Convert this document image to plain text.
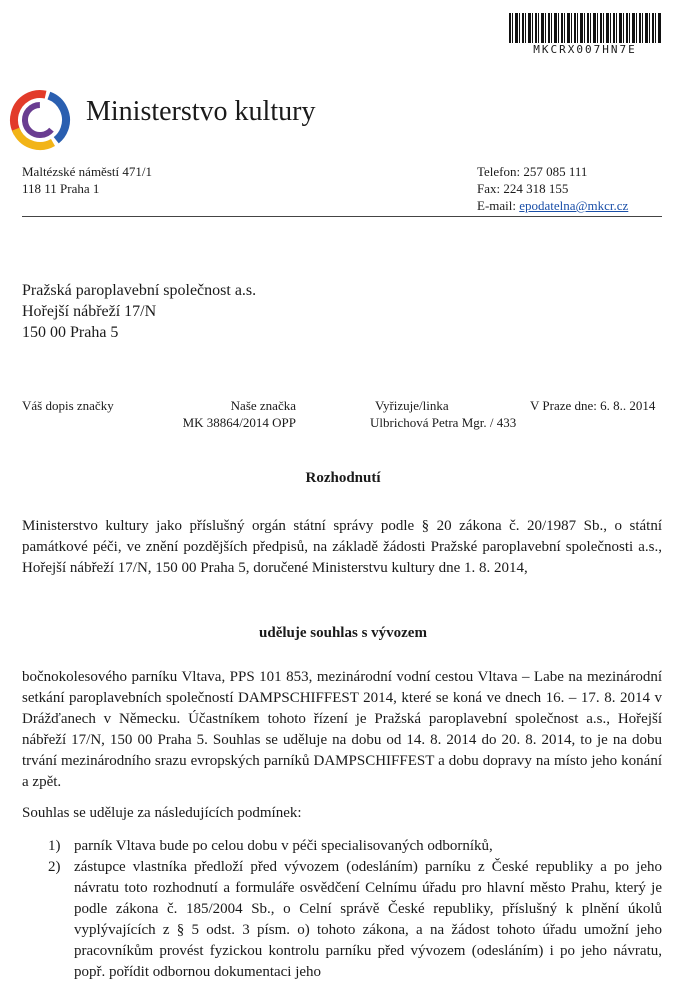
MKCRX007HN7E
Ministerstvo kultury
Maltézské náměstí 471/1
118 11 Praha 1
Telefon: 257 085 111
Fax: 224 318 155
E-mail: epodatelna@mkcr.cz
Pražská paroplavební společnost a.s.
Hořejší nábřeží 17/N
150 00 Praha 5
Váš dopis značky	Naše značka
MK 38864/2014 OPP
Vyřizuje/linka
Ulbrichová Petra Mgr. / 433
V Praze dne: 6. 8.. 2014
Rozhodnutí
Ministerstvo kultury jako příslušný orgán státní správy podle § 20 zákona č. 20/1987 Sb., o státní památkové péči, ve znění pozdějších předpisů, na základě žádosti Pražské paroplavební společnosti a.s., Hořejší nábřeží 17/N, 150 00 Praha 5, doručené Ministerstvu kultury dne 1. 8. 2014,
uděluje souhlas s vývozem
bočnokolesového parníku Vltava, PPS 101 853, mezinárodní vodní cestou Vltava – Labe na mezinárodní setkání paroplavebních společností DAMPSCHIFFEST 2014, které se koná ve dnech 16. – 17. 8. 2014 v Drážďanech v Německu. Účastníkem tohoto řízení je Pražská paroplavební společnost a.s., Hořejší nábřeží 17/N, 150 00 Praha 5. Souhlas se uděluje na dobu od 14. 8. 2014 do 20. 8. 2014, to je na dobu trvání mezinárodního srazu evropských parníků DAMPSCHIFFEST a dobu dopravy na místo jeho konání a zpět.
Souhlas se uděluje za následujících podmínek:
1) parník Vltava bude po celou dobu v péči specialisovaných odborníků,
2) zástupce vlastníka předloží před vývozem (odesláním) parníku z České republiky a po jeho návratu toto rozhodnutí a formuláře osvědčení Celnímu úřadu pro hlavní město Prahu, který je podle zákona č. 185/2004 Sb., o Celní správě České republiky, příslušný k plnění úkolů vyplývajících z § 5 odst. 3 písm. o) tohoto zákona, a na žádost tohoto úřadu umožní jeho pracovníkům provést fyzickou kontrolu parníku před vývozem (odesláním) i po jeho návratu, popř. pořídit odbornou dokumentaci jeho
